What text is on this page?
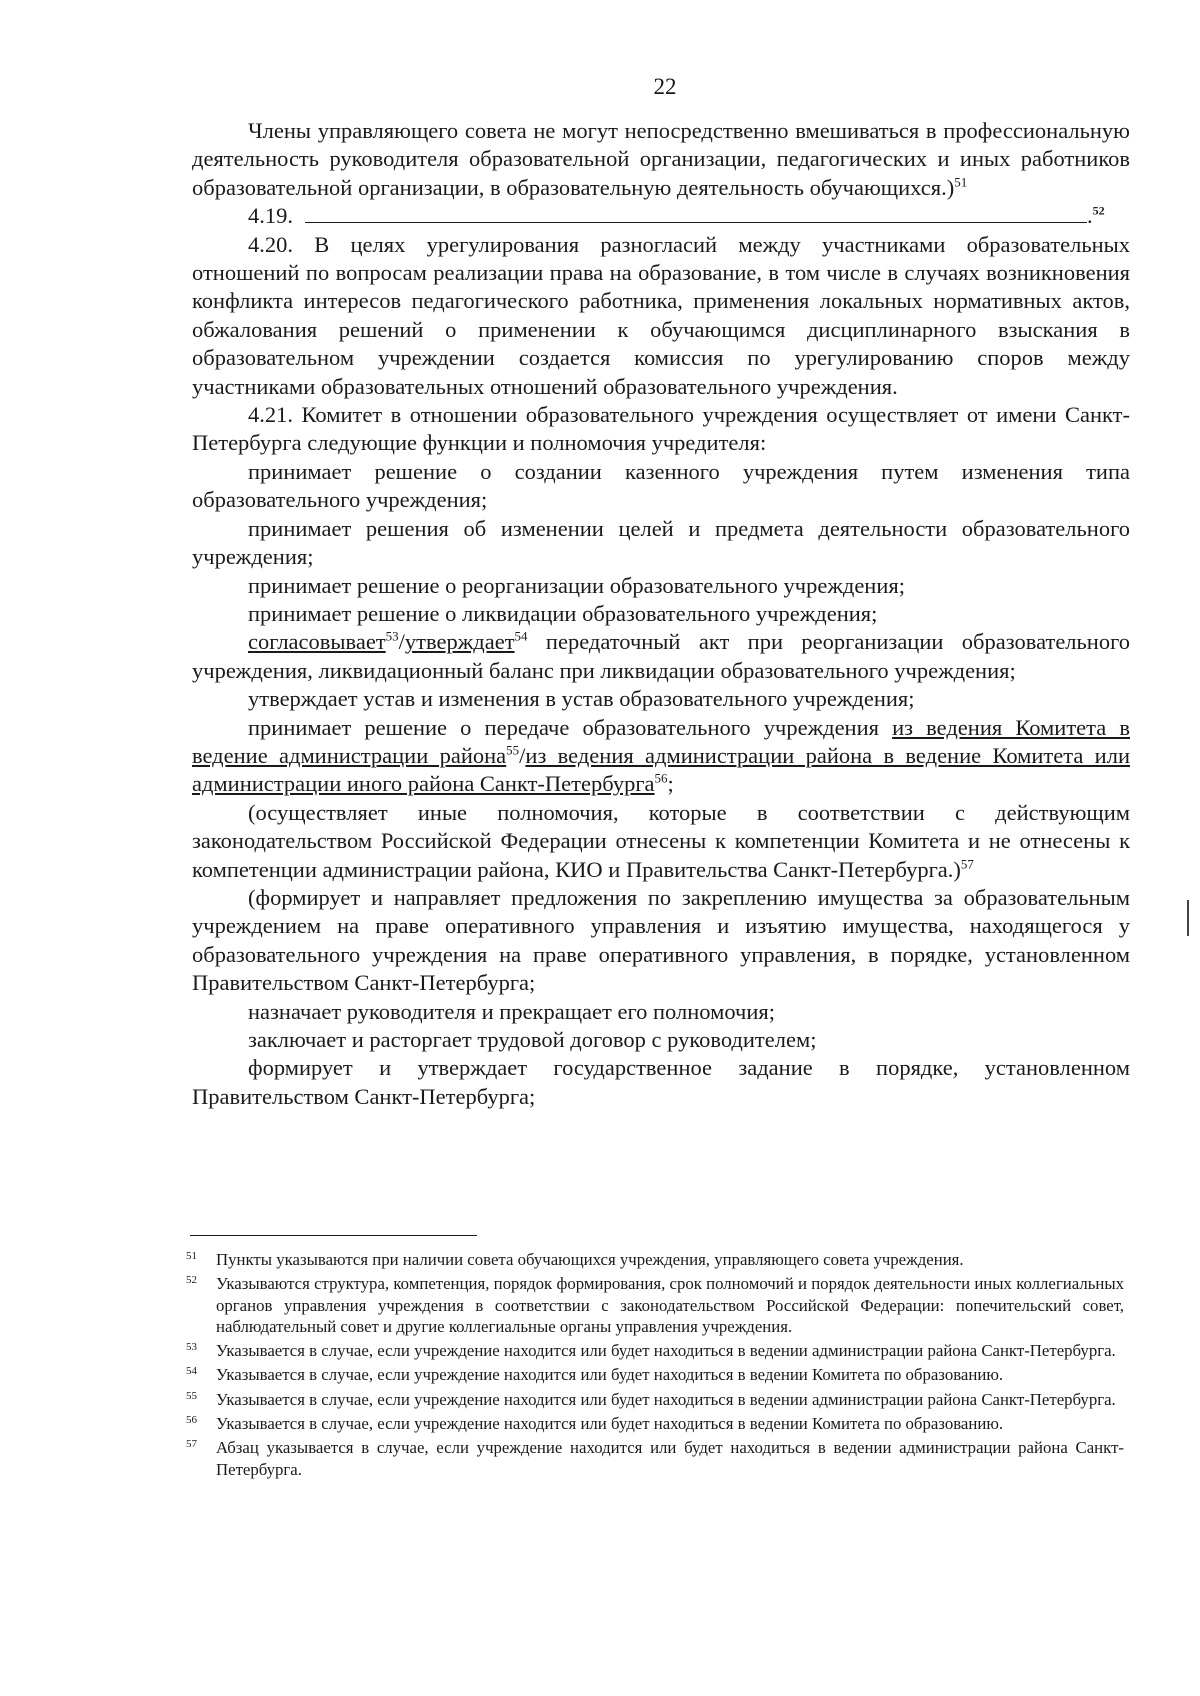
22

Члены управляющего совета не могут непосредственно вмешиваться в профессиональную деятельность руководителя образовательной организации, педагогических и иных работников образовательной организации, в образовательную деятельность обучающихся.)$^{51}$

4.19.	.$^{52}$

4.20. В целях урегулирования разногласий между участниками образовательных отношений по вопросам реализации права на образование, в том числе в случаях возникновения конфликта интересов педагогического работника, применения локальных нормативных актов, обжалования решений о применении к обучающимся дисциплинарного взыскания в образовательном учреждении создается комиссия по урегулированию споров между участниками образовательных отношений образовательного учреждения.

4.21. Комитет в отношении образовательного учреждения осуществляет от имени Санкт-Петербурга следующие функции и полномочия учредителя:

принимает решение о создании казенного учреждения путем изменения типа образовательного учреждения;

принимает решения об изменении целей и предмета деятельности образовательного учреждения;

принимает решение о реорганизации образовательного учреждения;

принимает решение о ликвидации образовательного учреждения;

согласовывает$^{53}$/утверждает$^{54}$ передаточный акт при реорганизации образовательного учреждения, ликвидационный баланс при ликвидации образовательного учреждения;

утверждает устав и изменения в устав образовательного учреждения;

принимает решение о передаче образовательного учреждения из ведения Комитета в ведение администрации района$^{55}$/из ведения администрации района в ведение Комитета или администрации иного района Санкт-Петербурга$^{56}$;

(осуществляет иные полномочия, которые в соответствии с действующим законодательством Российской Федерации отнесены к компетенции Комитета и не отнесены к компетенции администрации района, КИО и Правительства Санкт-Петербурга.)$^{57}$

(формирует и направляет предложения по закреплению имущества за образовательным учреждением на праве оперативного управления и изъятию имущества, находящегося у образовательного учреждения на праве оперативного управления, в порядке, установленном Правительством Санкт-Петербурга;

назначает руководителя и прекращает его полномочия;

заключает и расторгает трудовой договор с руководителем;

формирует и утверждает государственное задание в порядке, установленном Правительством Санкт-Петербурга;

51	Пункты указываются при наличии совета обучающихся учреждения, управляющего совета учреждения.
52	Указываются структура, компетенция, порядок формирования, срок полномочий и порядок деятельности иных коллегиальных органов управления учреждения в соответствии с законодательством Российской Федерации: попечительский совет, наблюдательный совет и другие коллегиальные органы управления учреждения.
53	Указывается в случае, если учреждение находится или будет находиться в ведении администрации района Санкт-Петербурга.
54	Указывается в случае, если учреждение находится или будет находиться в ведении Комитета по образованию.
55	Указывается в случае, если учреждение находится или будет находиться в ведении администрации района Санкт-Петербурга.
56	Указывается в случае, если учреждение находится или будет находиться в ведении Комитета по образованию.
57	Абзац указывается в случае, если учреждение находится или будет находиться в ведении администрации района Санкт-Петербурга.
